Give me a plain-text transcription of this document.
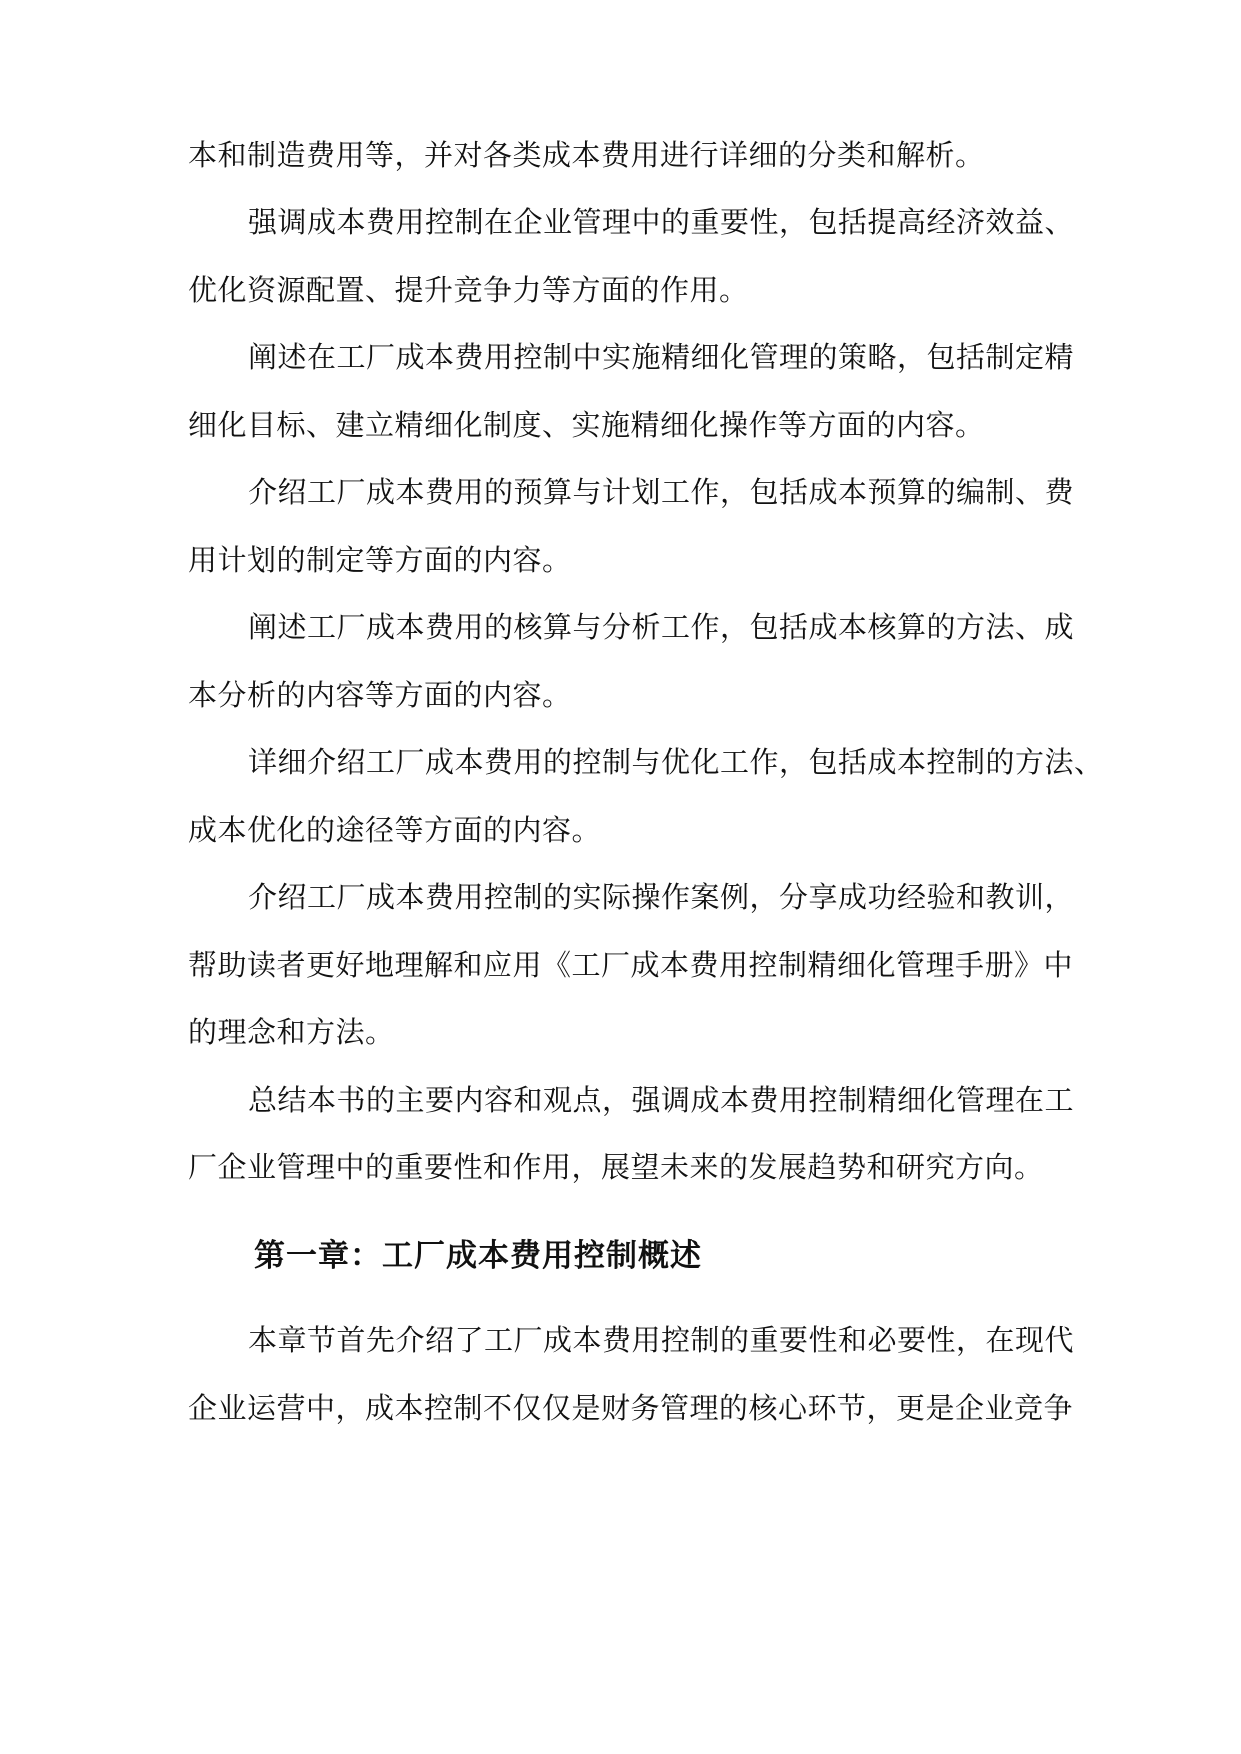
本和制造费用等，并对各类成本费用进行详细的分类和解析。
强调成本费用控制在企业管理中的重要性，包括提高经济效益、
优化资源配置、提升竞争力等方面的作用。
阐述在工厂成本费用控制中实施精细化管理的策略，包括制定精
细化目标、建立精细化制度、实施精细化操作等方面的内容。
介绍工厂成本费用的预算与计划工作，包括成本预算的编制、费
用计划的制定等方面的内容。
阐述工厂成本费用的核算与分析工作，包括成本核算的方法、成
本分析的内容等方面的内容。
详细介绍工厂成本费用的控制与优化工作，包括成本控制的方法、
成本优化的途径等方面的内容。
介绍工厂成本费用控制的实际操作案例，分享成功经验和教训，
帮助读者更好地理解和应用《工厂成本费用控制精细化管理手册》中
的理念和方法。
总结本书的主要内容和观点，强调成本费用控制精细化管理在工
厂企业管理中的重要性和作用，展望未来的发展趋势和研究方向。
第一章：工厂成本费用控制概述
本章节首先介绍了工厂成本费用控制的重要性和必要性，在现代
企业运营中，成本控制不仅仅是财务管理的核心环节，更是企业竞争
